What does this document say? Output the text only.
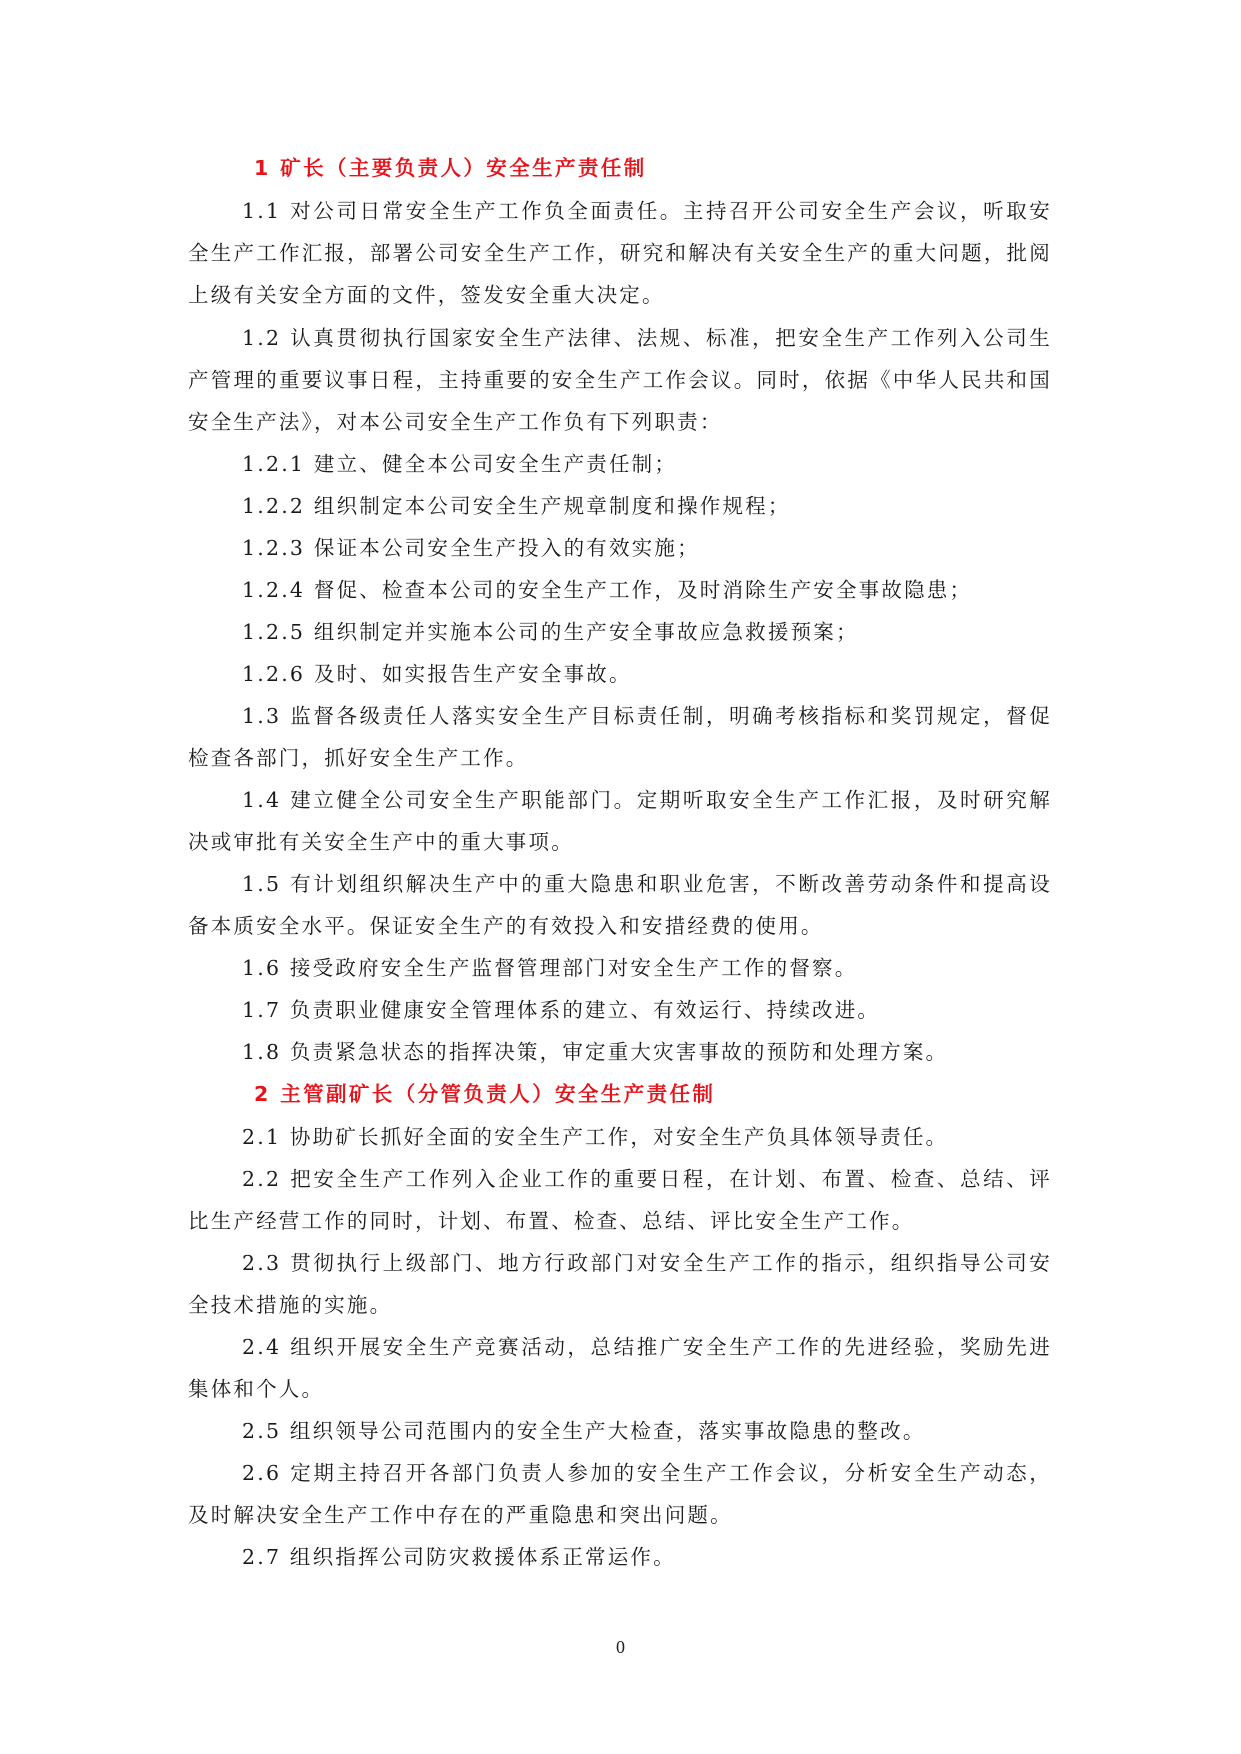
1 矿长（主要负责人）安全生产责任制

1.1 对公司日常安全生产工作负全面责任。主持召开公司安全生产会议，听取安全生产工作汇报，部署公司安全生产工作，研究和解决有关安全生产的重大问题，批阅上级有关安全方面的文件，签发安全重大决定。

1.2 认真贯彻执行国家安全生产法律、法规、标准，把安全生产工作列入公司生产管理的重要议事日程，主持重要的安全生产工作会议。同时，依据《中华人民共和国安全生产法》，对本公司安全生产工作负有下列职责：

1.2.1 建立、健全本公司安全生产责任制；

1.2.2 组织制定本公司安全生产规章制度和操作规程；

1.2.3 保证本公司安全生产投入的有效实施；

1.2.4 督促、检查本公司的安全生产工作，及时消除生产安全事故隐患；

1.2.5 组织制定并实施本公司的生产安全事故应急救援预案；

1.2.6 及时、如实报告生产安全事故。

1.3 监督各级责任人落实安全生产目标责任制，明确考核指标和奖罚规定，督促检查各部门，抓好安全生产工作。

1.4 建立健全公司安全生产职能部门。定期听取安全生产工作汇报，及时研究解决或审批有关安全生产中的重大事项。

1.5 有计划组织解决生产中的重大隐患和职业危害，不断改善劳动条件和提高设备本质安全水平。保证安全生产的有效投入和安措经费的使用。

1.6 接受政府安全生产监督管理部门对安全生产工作的督察。

1.7 负责职业健康安全管理体系的建立、有效运行、持续改进。

1.8 负责紧急状态的指挥决策，审定重大灾害事故的预防和处理方案。

2 主管副矿长（分管负责人）安全生产责任制

2.1 协助矿长抓好全面的安全生产工作，对安全生产负具体领导责任。

2.2 把安全生产工作列入企业工作的重要日程，在计划、布置、检查、总结、评比生产经营工作的同时，计划、布置、检查、总结、评比安全生产工作。

2.3 贯彻执行上级部门、地方行政部门对安全生产工作的指示，组织指导公司安全技术措施的实施。

2.4 组织开展安全生产竞赛活动，总结推广安全生产工作的先进经验，奖励先进集体和个人。

2.5 组织领导公司范围内的安全生产大检查，落实事故隐患的整改。

2.6 定期主持召开各部门负责人参加的安全生产工作会议，分析安全生产动态，及时解决安全生产工作中存在的严重隐患和突出问题。

2.7 组织指挥公司防灾救援体系正常运作。

0
